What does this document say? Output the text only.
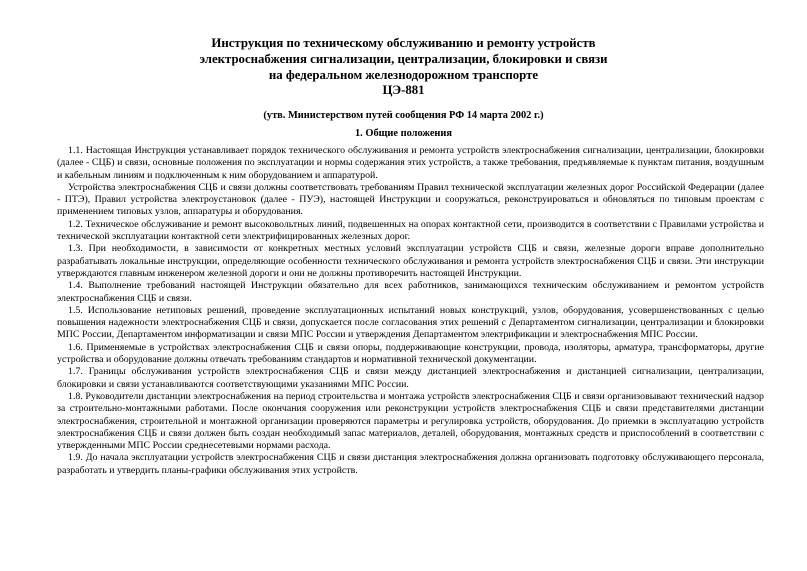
Инструкция по техническому обслуживанию и ремонту устройств
электроснабжения сигнализации, централизации, блокировки и связи
на федеральном железнодорожном транспорте
ЦЭ-881
(утв. Министерством путей сообщения РФ 14 марта 2002 г.)
1. Общие положения

1.1. Настоящая Инструкция устанавливает порядок технического обслуживания и ремонта устройств электроснабжения сигнализации, централизации, блокировки (далее - СЦБ) и связи, основные положения по эксплуатации и нормы содержания этих устройств, а также требования, предъявляемые к пунктам питания, воздушным и кабельным линиям и подключенным к ним оборудованием и аппаратурой.

Устройства электроснабжения СЦБ и связи должны соответствовать требованиям Правил технической эксплуатации железных дорог Российской Федерации (далее - ПТЭ), Правил устройства электроустановок (далее - ПУЭ), настоящей Инструкции и сооружаться, реконструироваться и обновляться по типовым проектам с применением типовых узлов, аппаратуры и оборудования.

1.2. Техническое обслуживание и ремонт высоковольтных линий, подвешенных на опорах контактной сети, производится в соответствии с Правилами устройства и технической эксплуатации контактной сети электрифицированных железных дорог.

1.3. При необходимости, в зависимости от конкретных местных условий эксплуатации устройств СЦБ и связи, железные дороги вправе дополнительно разрабатывать локальные инструкции, определяющие особенности технического обслуживания и ремонта устройств электроснабжения СЦБ и связи. Эти инструкции утверждаются главным инженером железной дороги и они не должны противоречить настоящей Инструкции.

1.4. Выполнение требований настоящей Инструкции обязательно для всех работников, занимающихся техническим обслуживанием и ремонтом устройств электроснабжения СЦБ и связи.

1.5. Использование нетиповых решений, проведение эксплуатационных испытаний новых конструкций, узлов, оборудования, усовершенствованных с целью повышения надежности электроснабжения СЦБ и связи, допускается после согласования этих решений с Департаментом сигнализации, централизации и блокировки МПС России, Департаментом информатизации и связи МПС России и утверждения Департаментом электрификации и электроснабжения МПС России.

1.6. Применяемые в устройствах электроснабжения СЦБ и связи опоры, поддерживающие конструкции, провода, изоляторы, арматура, трансформаторы, другие устройства и оборудование должны отвечать требованиям стандартов и нормативной технической документации.

1.7. Границы обслуживания устройств электроснабжения СЦБ и связи между дистанцией электроснабжения и дистанцией сигнализации, централизации, блокировки и связи устанавливаются соответствующими указаниями МПС России.

1.8. Руководители дистанции электроснабжения на период строительства и монтажа устройств электроснабжения СЦБ и связи организовывают технический надзор за строительно-монтажными работами. После окончания сооружения или реконструкции устройств электроснабжения СЦБ и связи представителями дистанции электроснабжения, строительной и монтажной организации проверяются параметры и регулировка устройств, оборудования. До приемки в эксплуатацию устройств электроснабжения СЦБ и связи должен быть создан необходимый запас материалов, деталей, оборудования, монтажных средств и приспособлений в соответствии с утвержденными МПС России среднесетевыми нормами расхода.

1.9. До начала эксплуатации устройств электроснабжения СЦБ и связи дистанция электроснабжения должна организовать подготовку обслуживающего персонала, разработать и утвердить планы-графики обслуживания этих устройств.
